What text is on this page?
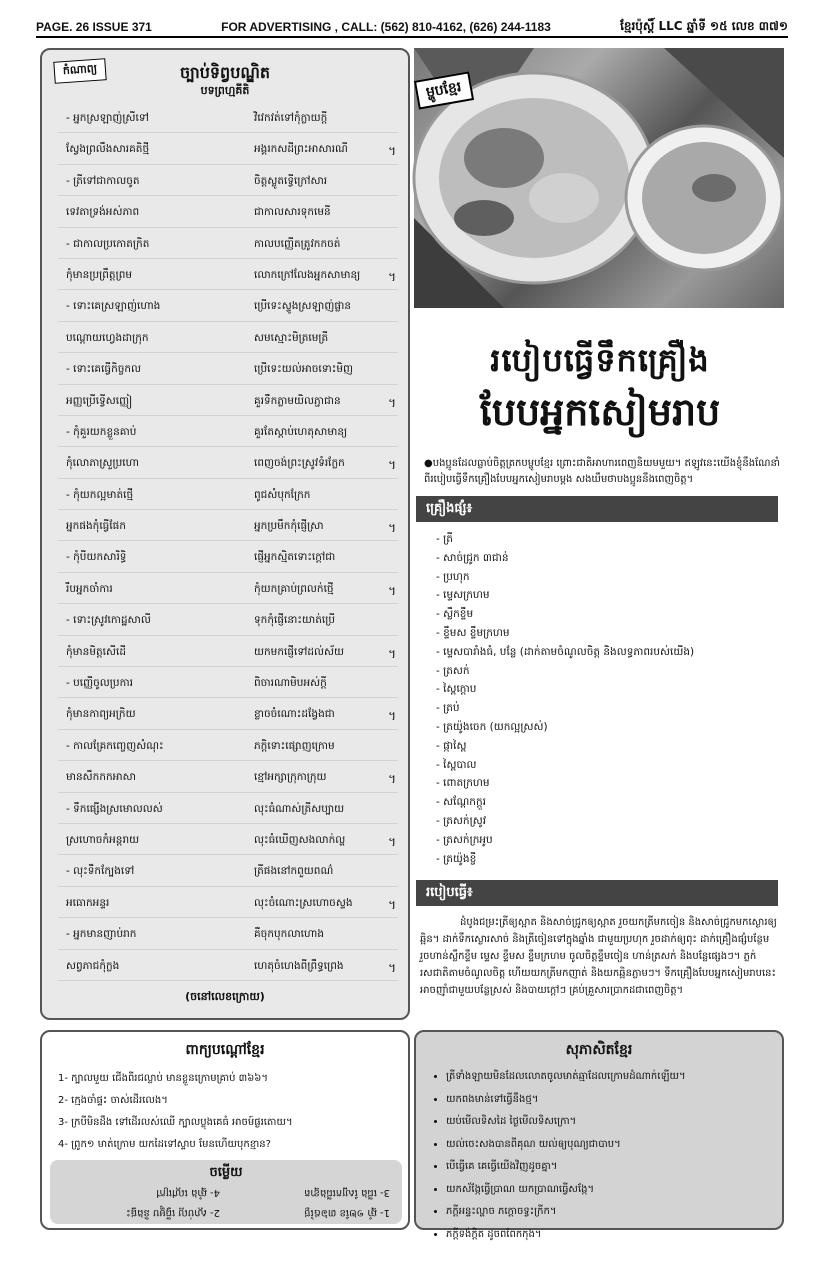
PAGE. 26 ISSUE 371	FOR ADVERTISING , CALL: (562) 810-4162, (626) 244-1183	ខ្មែរប៉ុស្ដិ៍ LLC ឆ្នាំទី ១៥ លេខ ៣៧១
កំណាព្យ	ច្បាប់ទិព្វបណ្ឌិត
បទព្រហ្មគីតិ
- អ្នកស្រឡាញ់ស្រីទៅ	វិវេកវត់ទៅកុំក្លាយក្ដី
ស្វែងព្រលឹងសារគតិថ្មី	អង្គរកសដីព្រះអាសារណី	។
- ត្រីទៅជាកាលចូត	ចិត្តស្លូតទ្វើក្រៅសារ
ទេវតាទ្រង់អស់ភាព	ជាកាលសារទុកមេនី
- ជាកាលប្រកោតក្រិត	កាលបញ្ញើតត្រូវកកចត់
កុំមានប្រព្រឹត្តព្រម	លោកក្រៅលែងអ្នកសាមាន្យ ។
- ទោះគេស្រឡាញ់ហោង	ប្រើទេះស្ទូងស្រឡាញ់ផ្លាន
បណ្ដោយហ្វេងដាក្រុក	សមស្មោះមិត្រមេត្រី
- ទោះគេធ្វើកិច្ចកល	ប្រើទេះយល់អាចទោះមិញ
អញ្ញប្រើទ្វើសញ្ញៀ	គួរទឹកភ្លាមយិលភ្ជាជាន	។
- កុំគួរយកខ្លួនគាប់	គួរតែស្ដាប់ហេតុសាមាន្យ
កុំលោភាស្រួប្រហោ	ពេញចង់ព្រះស្រូវទំរក្លែក	។
- កុំយកល្អមាត់ថ្មើ	ពូជសំបុកក្រែក
អ្នកផងកុំធ្វើផែក	អ្នកប្រមឹកកុំផ្ញើស្រា	។
- កុំបីយកសារិទ្ធិ	ផ្ញើអ្នកស្មិតទោះក្ដៅជា
រឹបអ្នកចាំការ	កុំយកគ្រាប់ព្រលក់ថ្មើ	។
- ទោះស្រូវកោដ្ឋសាលី	ទុកកុំផ្ញើនោះយាត់ប្រើ
កុំមានមិត្តសើដើ	យកមកផ្ញើទៅដល់ស័យ	។
- បញ្ញើចូលប្រការ	ពិចារណាមិបអស់ក្ដី
កុំមានកាព្យអក្រិយ	ខ្លាចចំណោះដង្វែងជា	។
- កាលគ្រែកញ្ចេញសំណុះ	ភក្តិទោះផ្សោញក្រោម
មានសឹកកកអាសា	ខ្មៅអក្សាក្រុកាក្រុយ	។
- ទឹកផ្សើងស្រមោលលស់	លុះធំណាស់ត្រីសប្បាយ
ស្រហោចកំអន្តរាយ	លុះធំឃើញសងលាក់ល្ហ	។
- លុះទឹកក្បែងទៅ	ត្រីផងនៅកពួយពណ៌
អធោកអន្ទរ	លុះចំណោះស្រហោចស្ទង	។
- អ្នកមានញាប់រាក	គឺចុកបុកលាហោង
សព្វភាជកុំក្លង	ហេតុចំហេងពីព្រឹទ្ធព្រេង	។
(ចនៅលេខក្រោយ)
ម្ហូបខ្មែរ
របៀបធ្វើទឹកគ្រឿង
បែបអ្នកសៀមរាប
●បងប្អូនដែលធ្លាប់ចិត្តត្រកបម្ហូបខ្មែរ ព្រោះជាតិអាហារពេញនិយមមួយ។ ឥឡូវនេះយើងខ្ញុំនឹងណែនាំពីរបៀបធ្វើទឹកគ្រឿងបែបអ្នកសៀមរាបម្ដង សងឃឹមថាបងប្អូននឹងពេញចិត្ត។
គ្រឿងផ្សំ៖
- ត្រី
- សាច់ជ្រូក ៣ជាន់
- ប្រហុក
- ម្ទេសក្រហម
- ស្លឹកខ្ទឹម
- ខ្ទឹមស ខ្ទឹមក្រហម
- ម្ទេសបារាំងធំ, បន្លែ (ដាក់តាមចំណូលចិត្ត និងលទ្ធភាពរបស់យើង)
- ត្រសក់
- ស្ពៃក្ដោប
- ត្រប់
- ត្រយ៉ូងចេក (យកល្អស្រស់)
- ផ្កាស្ពៃ
- ស្ពៃបាល
- ពោតក្រហម
- សណ្ដែកក្ដួរ
- ត្រសក់ស្រូវ
- ត្រសក់ក្រអូប
- ត្រយ៉ូងខ្ចី
របៀបធ្វើ៖
ដំបូងជម្រះត្រីឲ្យស្អាត និងសាច់ជ្រូកឲ្យស្អាត រួចយកត្រីមកចៀន និងសាច់ជ្រូកមកស្ងោរឲ្យឆ្អិន។ ដាក់ទឹកស្ងោរសាច់ និងត្រីចៀនទៅក្នុងឆ្នាំង ជាមួយប្រហុក រួចដាក់ឲ្យពុះ ដាក់គ្រឿងផ្សំបន្ថែម រួចហាន់ស្លឹកខ្ទឹម ម្ទេស ខ្ទឹមស ខ្ទឹមក្រហម ចូលចិត្តខ្ទឹមចៀន ហាន់ត្រសក់ និងបន្លែផ្សេងៗ។ ភ្លក់រសជាតិតាមចំណូលចិត្ត ហើយយកត្រីមកញាត់ និងយកឆ្អិនភ្លាមៗ។ ទឹកគ្រឿងបែបអ្នកសៀមរាបនេះ អាចញ៉ាំជាមួយបន្លែស្រស់ និងបាយក្ដៅៗ គ្រប់គ្រួសារប្រាកដជាពេញចិត្ត។
ពាក្យបណ្ដៅខ្មែរ
1- ក្បាលមួយ ជើងពីរជល្លាប់ មានខ្លួនក្រោមគ្រាប់ ៣៦៦។
2- ក្មេងចាំផ្ទះ ចាស់ដើរលេង។
3- ក្របីមិនដឹង ទៅដើរលស់ឈើ ក្បាលប្លុងគេធំ អាចម៍ផ្ងរតោយ។
4- ព្រូក១ មាត់ក្រោម យកដៃទៅស្ទាប មែនហើយបុកខ្មាន?
ចម្លើយ
1- ឆ្នាំ ១២ខែ ៣៦៥ថ្ងៃ
2- ស្ដាប់ល្អ ធ្វើម្ហូប និងផ្ទះ
3- ជើង ស្បែកជើងខ្នាត
4- ឆ្នាំង ល្ពៅក្រៅ
សុភាសិតខ្មែរ
• ត្រីទាំងឡាយមិនដែលលោតចូលមាត់ឆ្មាដែលក្រោមដំណាក់ឡើយ។
• យកពងមាន់ទៅធ្វើនឹងថ្ម។
• យប់មើលទិសដៃ ថ្ងៃមើលទិសក្រោ។
• យល់ចេះសងបានពីគុណ យល់ឲ្យបុណ្យជាបាប។
• បើធ្វើគេ គេធ្វើយើងវិញដូចគ្នា។
• យកស័ង្កែធ្វើប្រាណ យកប្រាណធ្វើសង្កែ។
• ភក្តីអន្ទះល្ហាច ភក្ដោចទ្វះក្រីក។
• ភក្តីទង់ក្តិត ដូចពពែកកុង។
